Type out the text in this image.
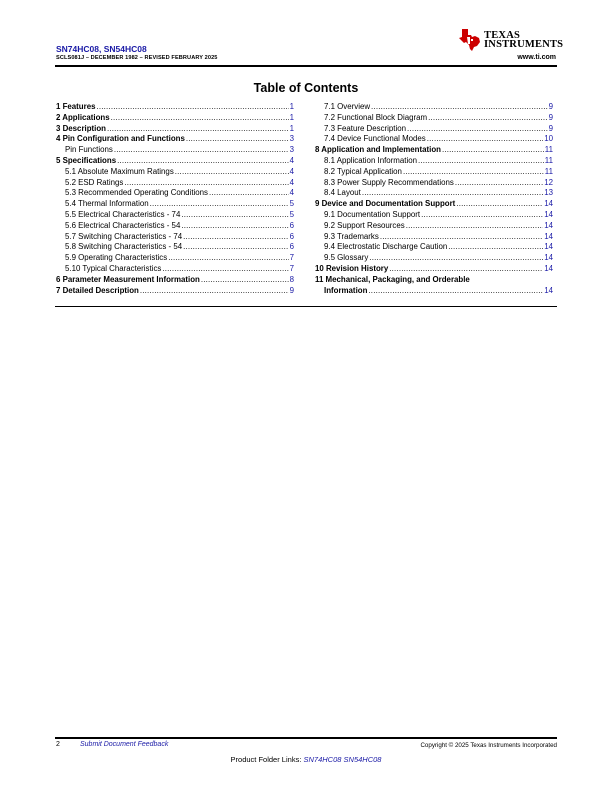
SN74HC08, SN54HC08
SCLS081J – DECEMBER 1982 – REVISED FEBRUARY 2025
TEXAS
INSTRUMENTS
www.ti.com
Table of Contents
1 Features .....	1
2 Applications .....	1
3 Description .....	1
4 Pin Configuration and Functions .....	3
Pin Functions .....	3
5 Specifications .....	4
5.1 Absolute Maximum Ratings .....	4
5.2 ESD Ratings .....	4
5.3 Recommended Operating Conditions .....	4
5.4 Thermal Information .....	5
5.5 Electrical Characteristics - 74 .....	5
5.6 Electrical Characteristics - 54 .....	6
5.7 Switching Characteristics - 74 .....	6
5.8 Switching Characteristics - 54 .....	6
5.9 Operating Characteristics .....	7
5.10 Typical Characteristics .....	7
6 Parameter Measurement Information .....	8
7 Detailed Description .....	9
7.1 Overview .....	9
7.2 Functional Block Diagram .....	9
7.3 Feature Description .....	9
7.4 Device Functional Modes .....	10
8 Application and Implementation .....	11
8.1 Application Information .....	11
8.2 Typical Application .....	11
8.3 Power Supply Recommendations .....	12
8.4 Layout .....	13
9 Device and Documentation Support .....	14
9.1 Documentation Support .....	14
9.2 Support Resources .....	14
9.3 Trademarks .....	14
9.4 Electrostatic Discharge Caution .....	14
9.5 Glossary .....	14
10 Revision History .....	14
11 Mechanical, Packaging, and Orderable
Information .....	14
2	Submit Document Feedback	Copyright © 2025 Texas Instruments Incorporated
Product Folder Links: SN74HC08 SN54HC08
